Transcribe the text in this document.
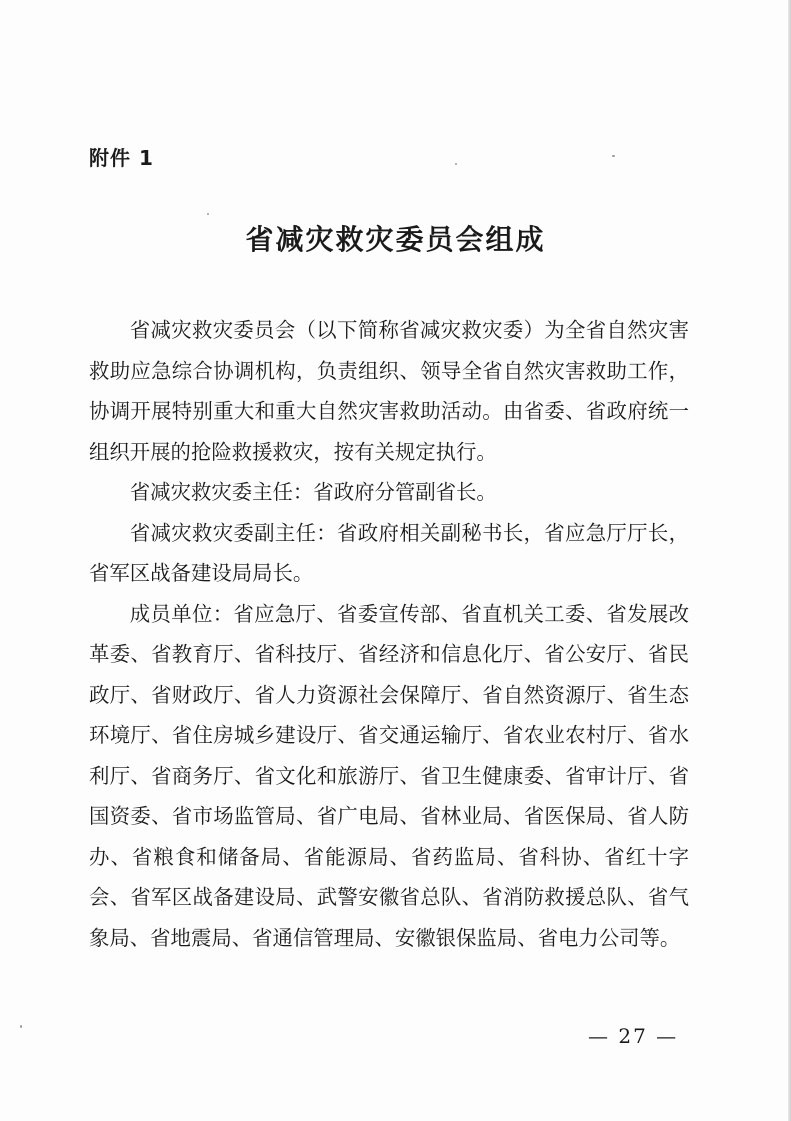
附件 1
省减灾救灾委员会组成

省减灾救灾委员会（以下简称省减灾救灾委）为全省自然灾害救助应急综合协调机构，负责组织、领导全省自然灾害救助工作，协调开展特别重大和重大自然灾害救助活动。由省委、省政府统一组织开展的抢险救援救灾，按有关规定执行。

省减灾救灾委主任：省政府分管副省长。

省减灾救灾委副主任：省政府相关副秘书长，省应急厅厅长，省军区战备建设局局长。

成员单位：省应急厅、省委宣传部、省直机关工委、省发展改革委、省教育厅、省科技厅、省经济和信息化厅、省公安厅、省民政厅、省财政厅、省人力资源社会保障厅、省自然资源厅、省生态环境厅、省住房城乡建设厅、省交通运输厅、省农业农村厅、省水利厅、省商务厅、省文化和旅游厅、省卫生健康委、省审计厅、省国资委、省市场监管局、省广电局、省林业局、省医保局、省人防办、省粮食和储备局、省能源局、省药监局、省科协、省红十字会、省军区战备建设局、武警安徽省总队、省消防救援总队、省气象局、省地震局、省通信管理局、安徽银保监局、省电力公司等。

— 27 —
